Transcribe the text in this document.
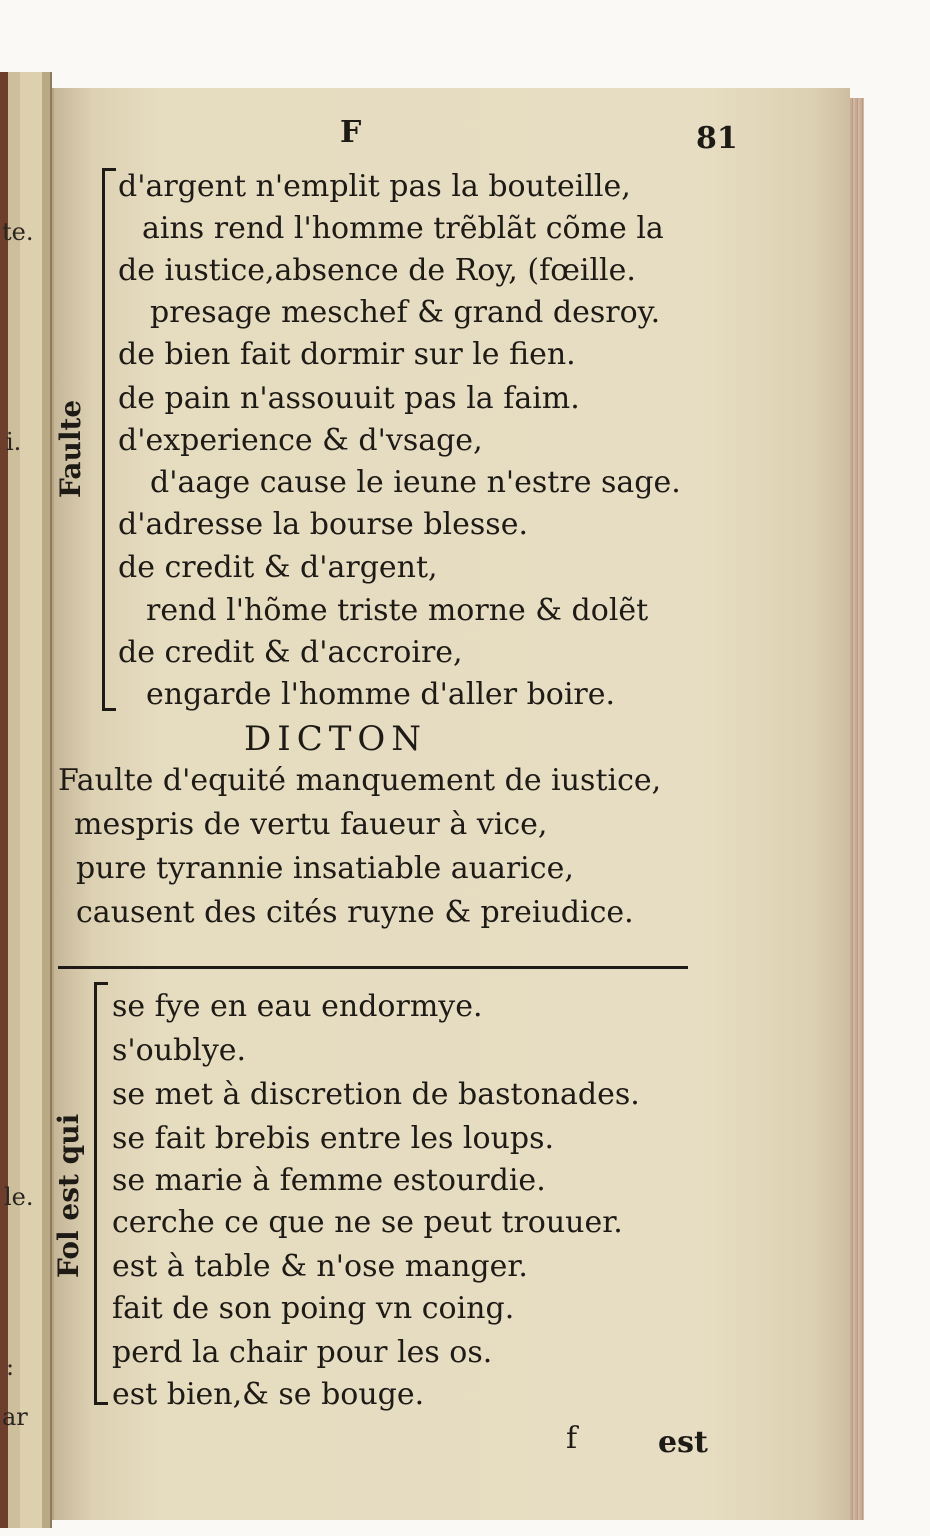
te.
i.
le.
:
ar
F	81
Faulte
d'argent n'emplit pas la bouteille,
ains rend l'homme trẽblãt cõme la
de iustice,absence de Roy, (fœille.
presage meschef & grand desroy.
de bien fait dormir sur le fien.
de pain n'assouuit pas la faim.
d'experience & d'vsage,
d'aage cause le ieune n'estre sage.
d'adresse la bourse blesse.
de credit & d'argent,
rend l'hõme triste morne & dolẽt
de credit & d'accroire,
engarde l'homme d'aller boire.
DICTON
Faulte d'equité manquement de iustice,
mespris de vertu faueur à vice,
pure tyrannie insatiable auarice,
causent des cités ruyne & preiudice.
Fol est qui
se fye en eau endormye.
s'oublye.
se met à discretion de bastonades.
se fait brebis entre les loups.
se marie à femme estourdie.
cerche ce que ne se peut trouuer.
est à table & n'ose manger.
fait de son poing vn coing.
perd la chair pour les os.
est bien,& se bouge.
f	est
